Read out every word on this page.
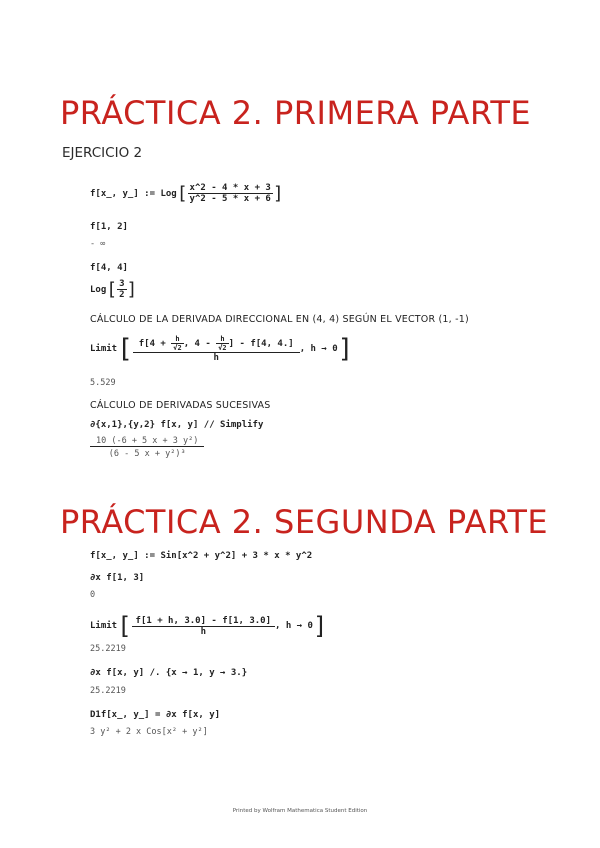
PRÁCTICA 2. PRIMERA PARTE
EJERCICIO 2
f[x_, y_] := Log [ $\frac{x\^{}2 - 4 * x + 3}{y\^{}2 - 5 * x + 6}$ ]
f[1, 2]
- ∞
f[4, 4]
Log [ $\frac{3}{2}$ ]
CÁLCULO DE LA DERIVADA DIRECCIONAL EN (4, 4) SEGÚN EL VECTOR (1, -1)
Limit [ $\frac{f[4 + \frac{h}{√2} , 4 - \frac{h}{√2} ] - f[4, 4.]}{h}$ , h → 0 ]
5.529
CÁLCULO DE DERIVADAS SUCESIVAS
∂{x,1},{y,2} f[x, y] // Simplify
$\frac{\text{10 (-6 + 5 x + 3 y²)}}{\text{(6 - 5 x + y²)³}}$
PRÁCTICA 2. SEGUNDA PARTE
f[x_, y_] := Sin[x^2 + y^2] + 3 * x * y^2
∂x f[1, 3]
0
Limit [ $\frac{f[1 + h, 3.0] - f[1, 3.0]}{h}$ , h → 0 ]
25.2219
∂x f[x, y] /. {x → 1, y → 3.}
25.2219
D1f[x_, y_] = ∂x f[x, y]
3 y² + 2 x Cos[x² + y²]
Printed by Wolfram Mathematica Student Edition
